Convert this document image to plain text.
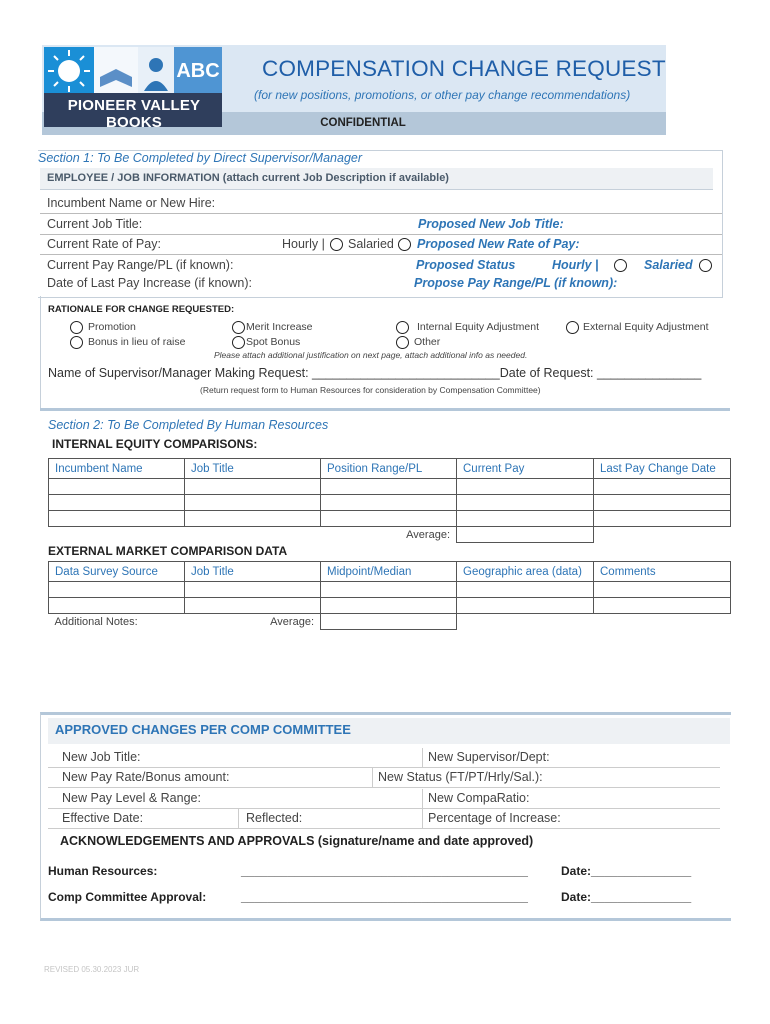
CONFIDENTIAL
ABC
PIONEER VALLEY BOOKS
COMPENSATION CHANGE REQUEST
(for new positions, promotions, or other pay change recommendations)
Section 1: To Be Completed by Direct Supervisor/Manager
EMPLOYEE / JOB INFORMATION (attach current Job Description if available)
Incumbent Name or New Hire:
Current Job Title:	Proposed New Job Title:
Current Rate of Pay:	Hourly | Salaried Proposed New Rate of Pay:
Current Pay Range/PL (if known):	Proposed Status	Hourly |	Salaried
Date of Last Pay Increase (if known):	Propose Pay Range/PL (if known):
RATIONALE FOR CHANGE REQUESTED:
Promotion
Bonus in lieu of raise
Merit Increase
Spot Bonus
Internal Equity Adjustment
Other
External Equity Adjustment
Please attach additional justification on next page, attach additional info as needed.
Name of Supervisor/Manager Making Request: ___________________________Date of Request: _______________
(Return request form to Human Resources for consideration by Compensation Committee)
Section 2: To Be Completed By Human Resources
INTERNAL EQUITY COMPARISONS:
Incumbent Name	Job Title	Position Range/PL	Current Pay	Last Pay Change Date

Average:				
EXTERNAL MARKET COMPARISON DATA
Data Survey Source	Job Title	Midpoint/Median	Geographic area (data)	Comments

Additional Notes:	Average:			
APPROVED CHANGES PER COMP COMMITTEE
New Job Title:	New Supervisor/Dept:
New Pay Rate/Bonus amount:	New Status (FT/PT/Hrly/Sal.):
New Pay Level & Range:	New CompaRatio:
Effective Date:	Reflected:	Percentage of Increase:
ACKNOWLEDGEMENTS AND APPROVALS (signature/name and date approved)
Human Resources:	___________________________________________	Date:_______________
Comp Committee Approval:	___________________________________________	Date:_______________
REVISED 05.30.2023 JUR
